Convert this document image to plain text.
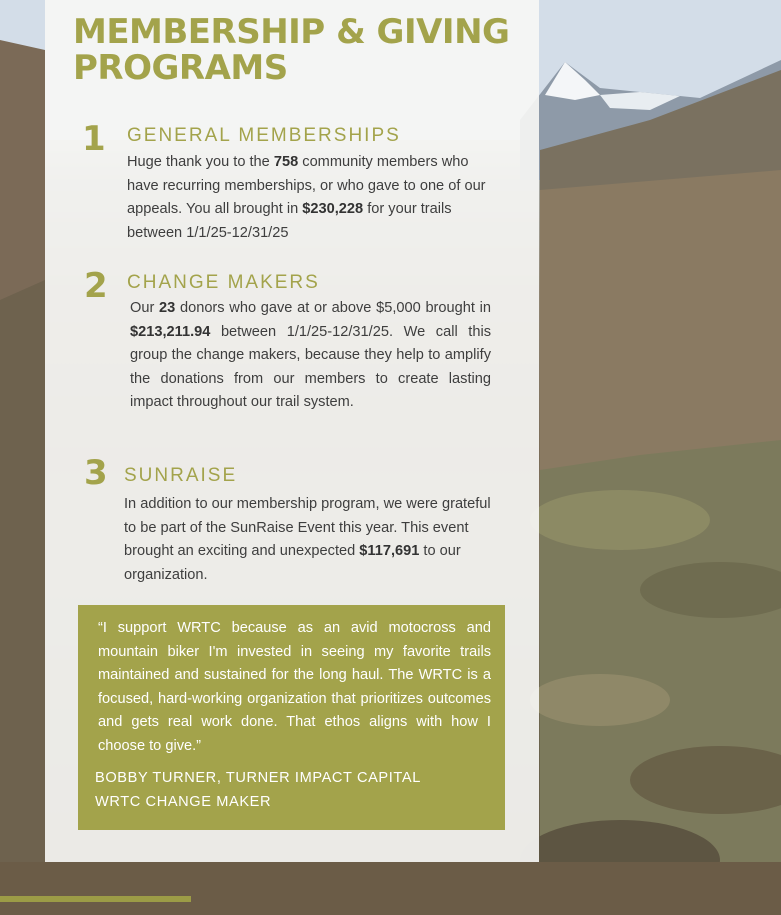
MEMBERSHIP & GIVING PROGRAMS
1 GENERAL MEMBERSHIPS

Huge thank you to the 758 community members who have recurring memberships, or who gave to one of our appeals. You all brought in $230,228 for your trails between 1/1/25-12/31/25

2 CHANGE MAKERS

Our 23 donors who gave at or above $5,000 brought in $213,211.94 between 1/1/25-12/31/25. We call this group the change makers, because they help to amplify the donations from our members to create lasting impact throughout our trail system.

3 SUNRAISE

In addition to our membership program, we were grateful to be part of the SunRaise Event this year. This event brought an exciting and unexpected $117,691 to our organization.

“I support WRTC because as an avid motocross and mountain biker I'm invested in seeing my favorite trails maintained and sustained for the long haul. The WRTC is a focused, hard-working organization that prioritizes outcomes and gets real work done. That ethos aligns with how I choose to give.”

BOBBY TURNER, TURNER IMPACT CAPITAL
WRTC CHANGE MAKER
